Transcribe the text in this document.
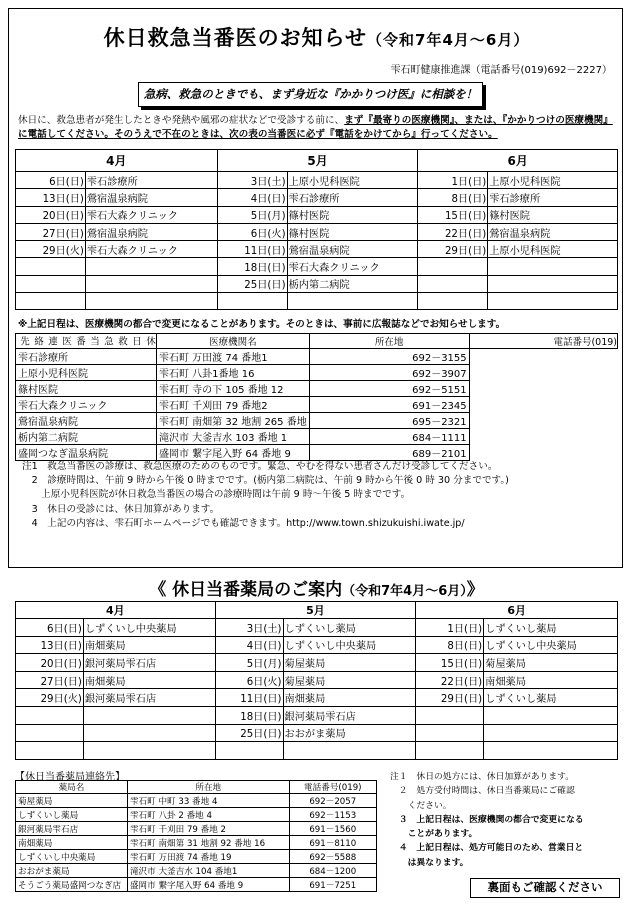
休日救急当番医のお知らせ（令和7年4月～6月）
雫石町健康推進課（電話番号(019)692－2227）
急病、救急のときでも、まず身近な『かかりつけ医』に相談を！
休日に、救急患者が発生したときや発熱や風邪の症状などで受診する前に、まず『最寄りの医療機関』、または、『かかりつけの医療機関』に電話してください。そのうえで不在のときは、次の表の当番医に必ず『電話をかけてから』行ってください。
4月		5月		6月	
6日(日)	雫石診療所	3日(土)	上原小児科医院	1日(日)	上原小児科医院
13日(日)	鶯宿温泉病院	4日(日)	雫石診療所	8日(日)	雫石診療所
20日(日)	雫石大森クリニック	5日(月)	篠村医院	15日(日)	篠村医院
27日(日)	鶯宿温泉病院	6日(火)	篠村医院	22日(日)	鶯宿温泉病院
29日(火)	雫石大森クリニック	11日(日)	鶯宿温泉病院	29日(日)	上原小児科医院
		18日(日)	雫石大森クリニック		
		25日(日)	栃内第二病院		

※上記日程は、医療機関の都合で変更になることがあります。そのときは、事前に広報誌などでお知らせします。
休日救急当番医連絡先	医療機関名	所在地	電話番号(019)
雫石診療所	雫石町 万田渡 74 番地1	692－3155	
上原小児科医院	雫石町 八卦1番地 16	692－3907	
篠村医院	雫石町 寺の下 105 番地 12	692－5151	
雫石大森クリニック	雫石町 千刈田 79 番地2	691－2345	
鶯宿温泉病院	雫石町 南畑第 32 地割 265 番地	695－2321	
栃内第二病院	滝沢市 大釜吉水 103 番地 1	684－1111	
盛岡つなぎ温泉病院	盛岡市 繋字尾入野 64 番地 9	689－2101	
注1　救急当番医の診療は、救急医療のためのものです。緊急、やむを得ない患者さんだけ受診してください。
　2　診療時間は、午前 9 時から午後 0 時までです。(栃内第二病院は、午前 9 時から午後 0 時 30 分までです。)
　　上原小児科医院が休日救急当番医の場合の診療時間は午前 9 時～午後 5 時までです。
　3　休日の受診には、休日加算があります。
　4　上記の内容は、雫石町ホームページでも確認できます。http://www.town.shizukuishi.iwate.jp/
《 休日当番薬局のご案内（令和7年4月～6月）》
4月		5月		6月	
6日(日)	しずくいし中央薬局	3日(土)	しずくいし薬局	1日(日)	しずくいし薬局
13日(日)	南畑薬局	4日(日)	しずくいし中央薬局	8日(日)	しずくいし中央薬局
20日(日)	銀河薬局雫石店	5日(月)	菊屋薬局	15日(日)	菊屋薬局
27日(日)	南畑薬局	6日(火)	菊屋薬局	22日(日)	南畑薬局
29日(火)	銀河薬局雫石店	11日(日)	南畑薬局	29日(日)	しずくいし薬局
		18日(日)	銀河薬局雫石店		
		25日(日)	おおがま薬局		

【休日当番薬局連絡先】
薬局名	所在地	電話番号(019)
菊屋薬局	雫石町 中町 33 番地 4	692－2057
しずくいし薬局	雫石町 八卦 2 番地 4	692－1153
銀河薬局雫石店	雫石町 千刈田 79 番地 2	691－1560
南畑薬局	雫石町 南畑第 31 地割 92 番地 16	691－8110
しずくいし中央薬局	雫石町 万田渡 74 番地 19	692－5588
おおがま薬局	滝沢市 大釜吉水 104 番地1	684－1200
そうごう薬局盛岡つなぎ店	盛岡市 繋字尾入野 64 番地 9	691－7251
注１　休日の処方には、休日加算があります。
　２　処方受付時間は、休日当番薬局にご確認
　　ください。
　３　上記日程は、医療機関の都合で変更になる
　　ことがあります。
　４　上記日程は、処方可能日のため、営業日と
　　は異なります。
裏面もご確認ください
